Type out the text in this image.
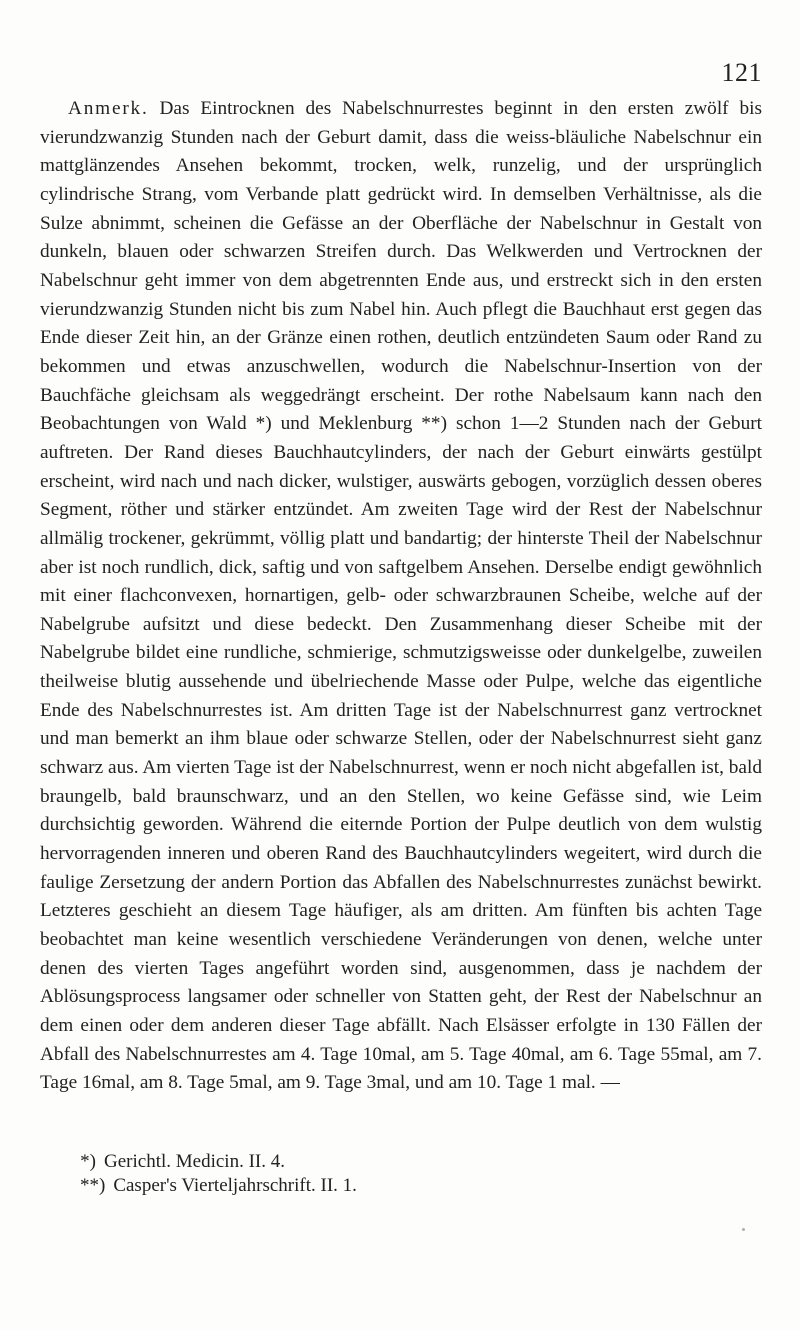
121

Anmerk. Das Eintrocknen des Nabelschnurrestes beginnt in den ersten zwölf bis vierundzwanzig Stunden nach der Geburt damit, dass die weiss-bläuliche Nabelschnur ein mattglänzendes Ansehen bekommt, trocken, welk, runzelig, und der ursprünglich cylindrische Strang, vom Verbande platt gedrückt wird. In demselben Verhältnisse, als die Sulze abnimmt, scheinen die Gefässe an der Oberfläche der Nabelschnur in Gestalt von dunkeln, blauen oder schwarzen Streifen durch. Das Welkwerden und Vertrocknen der Nabelschnur geht immer von dem abgetrennten Ende aus, und erstreckt sich in den ersten vierundzwanzig Stunden nicht bis zum Nabel hin. Auch pflegt die Bauchhaut erst gegen das Ende dieser Zeit hin, an der Gränze einen rothen, deutlich entzündeten Saum oder Rand zu bekommen und etwas anzuschwellen, wodurch die Nabelschnur-Insertion von der Bauchfäche gleichsam als weggedrängt erscheint. Der rothe Nabelsaum kann nach den Beobachtungen von Wald *) und Meklenburg **) schon 1—2 Stunden nach der Geburt auftreten. Der Rand dieses Bauchhautcylinders, der nach der Geburt einwärts gestülpt erscheint, wird nach und nach dicker, wulstiger, auswärts gebogen, vorzüglich dessen oberes Segment, röther und stärker entzündet. Am zweiten Tage wird der Rest der Nabelschnur allmälig trockener, gekrümmt, völlig platt und bandartig; der hinterste Theil der Nabelschnur aber ist noch rundlich, dick, saftig und von saftgelbem Ansehen. Derselbe endigt gewöhnlich mit einer flachconvexen, hornartigen, gelb- oder schwarzbraunen Scheibe, welche auf der Nabelgrube aufsitzt und diese bedeckt. Den Zusammenhang dieser Scheibe mit der Nabelgrube bildet eine rundliche, schmierige, schmutzigsweisse oder dunkelgelbe, zuweilen theilweise blutig aussehende und übelriechende Masse oder Pulpe, welche das eigentliche Ende des Nabelschnurrestes ist. Am dritten Tage ist der Nabelschnurrest ganz vertrocknet und man bemerkt an ihm blaue oder schwarze Stellen, oder der Nabelschnurrest sieht ganz schwarz aus. Am vierten Tage ist der Nabelschnurrest, wenn er noch nicht abgefallen ist, bald braungelb, bald braunschwarz, und an den Stellen, wo keine Gefässe sind, wie Leim durchsichtig geworden. Während die eiternde Portion der Pulpe deutlich von dem wulstig hervorragenden inneren und oberen Rand des Bauchhautcylinders wegeitert, wird durch die faulige Zersetzung der andern Portion das Abfallen des Nabelschnurrestes zunächst bewirkt. Letzteres geschieht an diesem Tage häufiger, als am dritten. Am fünften bis achten Tage beobachtet man keine wesentlich verschiedene Veränderungen von denen, welche unter denen des vierten Tages angeführt worden sind, ausgenommen, dass je nachdem der Ablösungsprocess langsamer oder schneller von Statten geht, der Rest der Nabelschnur an dem einen oder dem anderen dieser Tage abfällt. Nach Elsässer erfolgte in 130 Fällen der Abfall des Nabelschnurrestes am 4. Tage 10mal, am 5. Tage 40mal, am 6. Tage 55mal, am 7. Tage 16mal, am 8. Tage 5mal, am 9. Tage 3mal, und am 10. Tage 1 mal. —

*) Gerichtl. Medicin. II. 4.

**) Casper's Vierteljahrschrift. II. 1.
